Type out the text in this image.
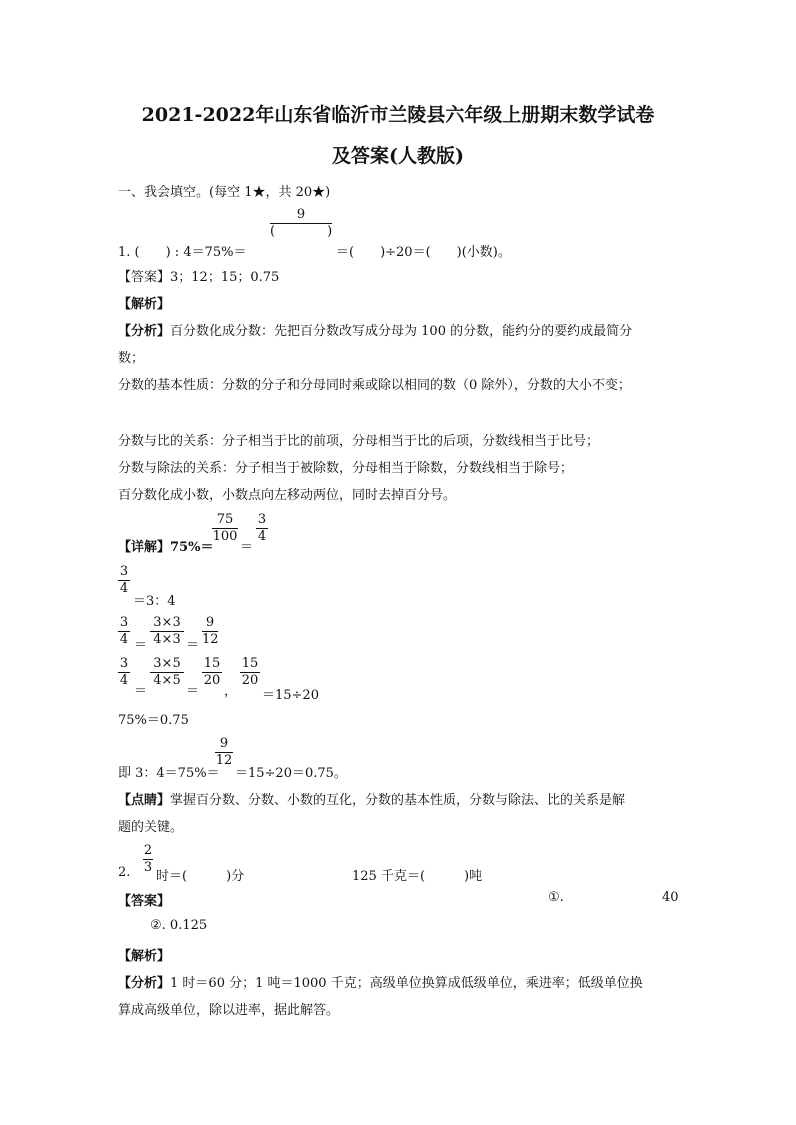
2021-2022年山东省临沂市兰陵县六年级上册期末数学试卷
及答案(人教版)
一、我会填空。(每空 1★，共 20★)
9
(　　　　)
1. (　　) : 4＝75%＝	＝(　　)÷20＝(　　)(小数)。
【答案】3；12；15；0.75
【解析】
【分析】百分数化成分数：先把百分数改写成分母为 100 的分数，能约分的要约成最简分
数；
分数的基本性质：分数的分子和分母同时乘或除以相同的数（0 除外），分数的大小不变；
分数与比的关系：分子相当于比的前项，分母相当于比的后项，分数线相当于比号；
分数与除法的关系：分子相当于被除数，分母相当于除数，分数线相当于除号；
百分数化成小数，小数点向左移动两位，同时去掉百分号。
【详解】75%＝
75
100
＝
3
4
3
4
＝3：4
3
4 ＝
3×3
4×3 ＝
9
12
3
4
＝
3×5
4×5
＝
15
20
，
15
20
＝15÷20
75%＝0.75
即 3：4＝75%＝
9
12
＝15÷20＝0.75。
【点睛】掌握百分数、分数、小数的互化，分数的基本性质，分数与除法、比的关系是解
题的关键。
2.
2
3
时＝(　　　)分	125 千克＝(　　　)吨
【答案】	①.	40
②. 0.125
【解析】
【分析】1 时＝60 分；1 吨＝1000 千克；高级单位换算成低级单位，乘进率；低级单位换
算成高级单位，除以进率，据此解答。
